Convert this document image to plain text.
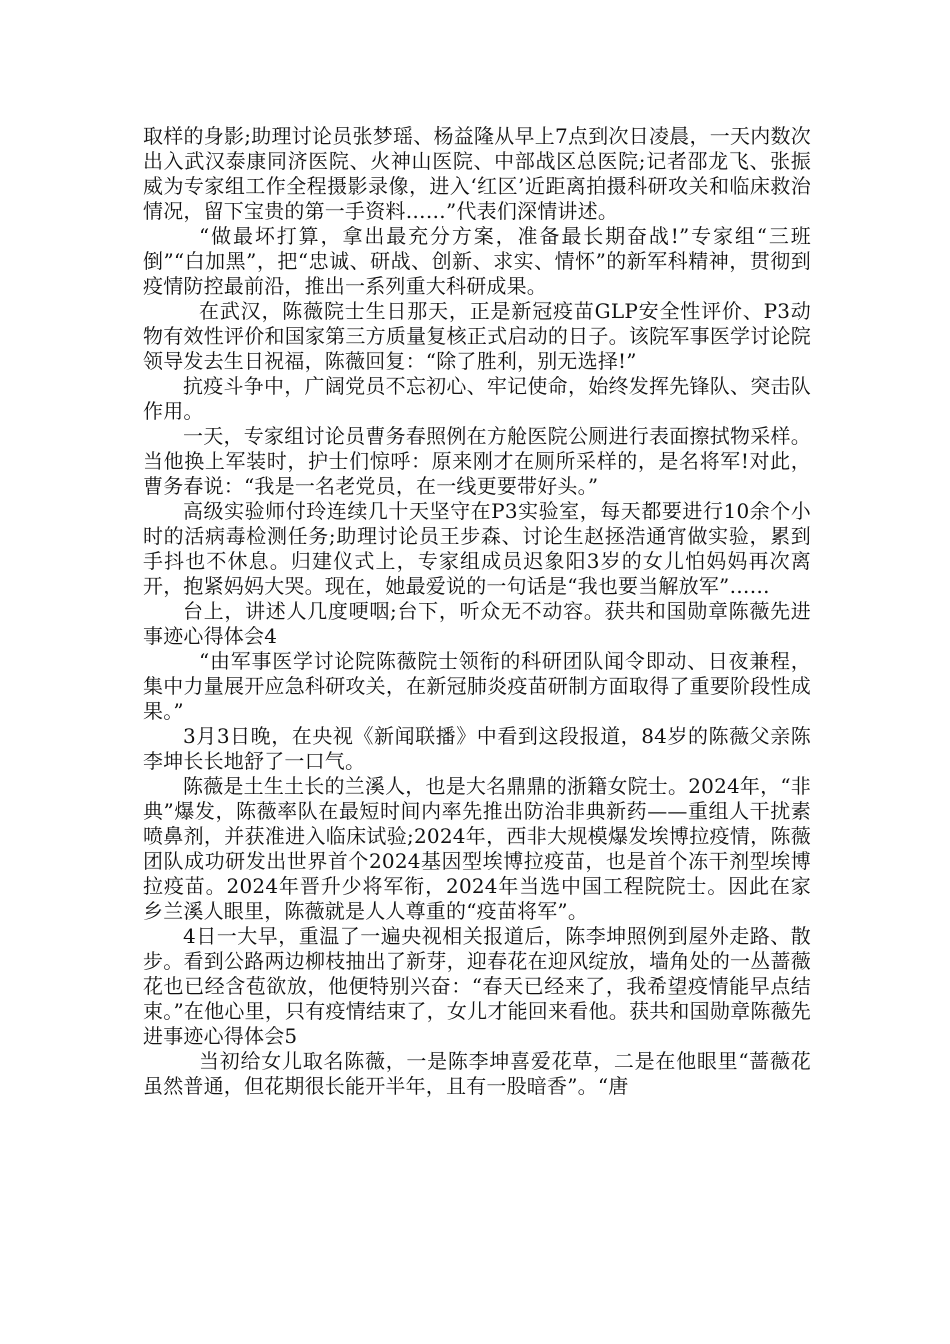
取样的身影;助理讨论员张梦瑶、杨益隆从早上7点到次日凌晨，一天内数次出入武汉泰康同济医院、火神山医院、中部战区总医院;记者邵龙飞、张振威为专家组工作全程摄影录像，进入‘红区’近距离拍摄科研攻关和临床救治情况，留下宝贵的第一手资料……”代表们深情讲述。

“做最坏打算，拿出最充分方案，准备最长期奋战!”专家组“三班倒”“白加黑”，把“忠诚、研战、创新、求实、情怀”的新军科精神，贯彻到疫情防控最前沿，推出一系列重大科研成果。

在武汉，陈薇院士生日那天，正是新冠疫苗GLP安全性评价、P3动物有效性评价和国家第三方质量复核正式启动的日子。该院军事医学讨论院领导发去生日祝福，陈薇回复：“除了胜利，别无选择!”

抗疫斗争中，广阔党员不忘初心、牢记使命，始终发挥先锋队、突击队作用。

一天，专家组讨论员曹务春照例在方舱医院公厕进行表面擦拭物采样。当他换上军装时，护士们惊呼：原来刚才在厕所采样的，是名将军!对此，曹务春说：“我是一名老党员，在一线更要带好头。”

高级实验师付玲连续几十天坚守在P3实验室，每天都要进行10余个小时的活病毒检测任务;助理讨论员王步森、讨论生赵拯浩通宵做实验，累到手抖也不休息。归建仪式上，专家组成员迟象阳3岁的女儿怕妈妈再次离开，抱紧妈妈大哭。现在，她最爱说的一句话是“我也要当解放军”……

台上，讲述人几度哽咽;台下，听众无不动容。获共和国勋章陈薇先进事迹心得体会4

“由军事医学讨论院陈薇院士领衔的科研团队闻令即动、日夜兼程，集中力量展开应急科研攻关，在新冠肺炎疫苗研制方面取得了重要阶段性成果。”

3月3日晚，在央视《新闻联播》中看到这段报道，84岁的陈薇父亲陈李坤长长地舒了一口气。

陈薇是土生土长的兰溪人，也是大名鼎鼎的浙籍女院士。2024年，“非典”爆发，陈薇率队在最短时间内率先推出防治非典新药——重组人干扰素喷鼻剂，并获准进入临床试验;2024年，西非大规模爆发埃博拉疫情，陈薇团队成功研发出世界首个2024基因型埃博拉疫苗，也是首个冻干剂型埃博拉疫苗。2024年晋升少将军衔，2024年当选中国工程院院士。因此在家乡兰溪人眼里，陈薇就是人人尊重的“疫苗将军”。

4日一大早，重温了一遍央视相关报道后，陈李坤照例到屋外走路、散步。看到公路两边柳枝抽出了新芽，迎春花在迎风绽放，墙角处的一丛蔷薇花也已经含苞欲放，他便特别兴奋：“春天已经来了，我希望疫情能早点结束。”在他心里，只有疫情结束了，女儿才能回来看他。获共和国勋章陈薇先进事迹心得体会5

当初给女儿取名陈薇，一是陈李坤喜爱花草，二是在他眼里“蔷薇花虽然普通，但花期很长能开半年，且有一股暗香”。“唐
